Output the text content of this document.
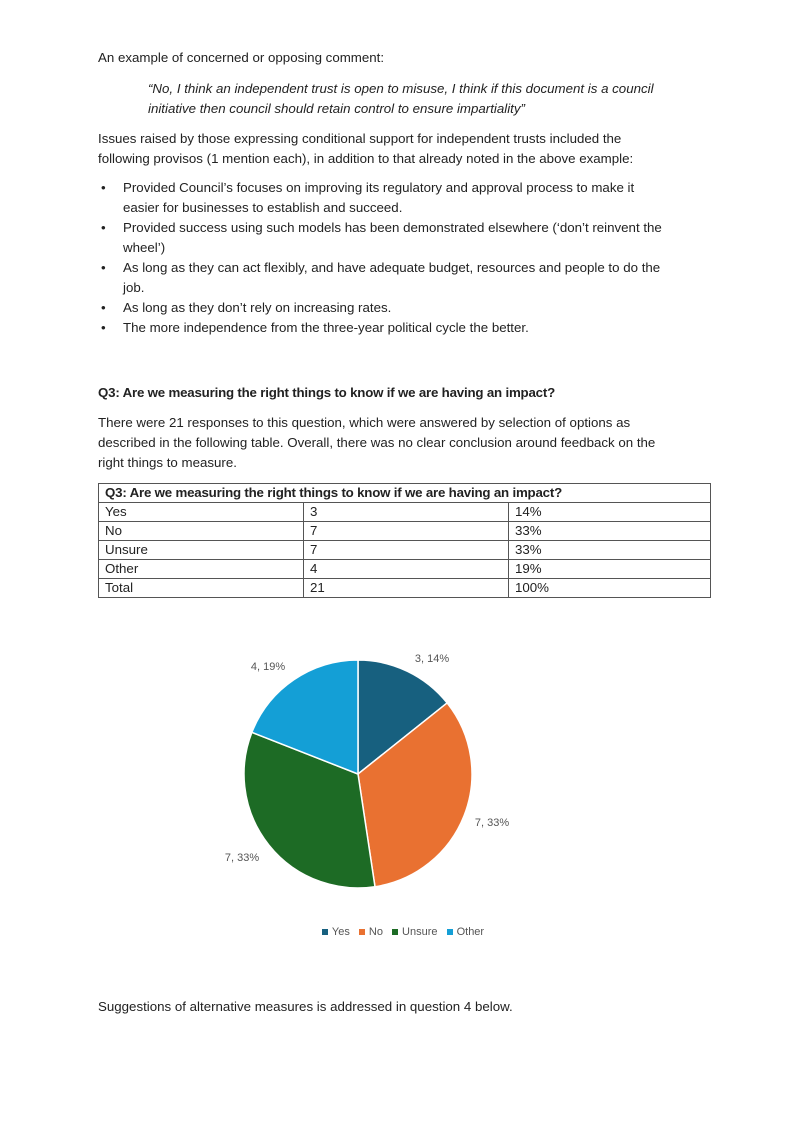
An example of concerned or opposing comment:
“No, I think an independent trust is open to misuse, I think if this document is a council
initiative then council should retain control to ensure impartiality”
Issues raised by those expressing conditional support for independent trusts included the
following provisos (1 mention each), in addition to that already noted in the above example:
• Provided Council’s focuses on improving its regulatory and approval process to make it
easier for businesses to establish and succeed.
• Provided success using such models has been demonstrated elsewhere (‘don’t reinvent the
wheel’)
• As long as they can act flexibly, and have adequate budget, resources and people to do the
job.
• As long as they don’t rely on increasing rates.
• The more independence from the three-year political cycle the better.
Q3: Are we measuring the right things to know if we are having an impact?
There were 21 responses to this question, which were answered by selection of options as
described in the following table. Overall, there was no clear conclusion around feedback on the
right things to measure.
Q3: Are we measuring the right things to know if we are having an impact?		
Yes	3	14%
No	7	33%
Unsure	7	33%
Other	4	19%
Total	21	100%
3, 14%
7, 33%
7, 33%
4, 19%
Yes No Unsure Other
Suggestions of alternative measures is addressed in question 4 below.
